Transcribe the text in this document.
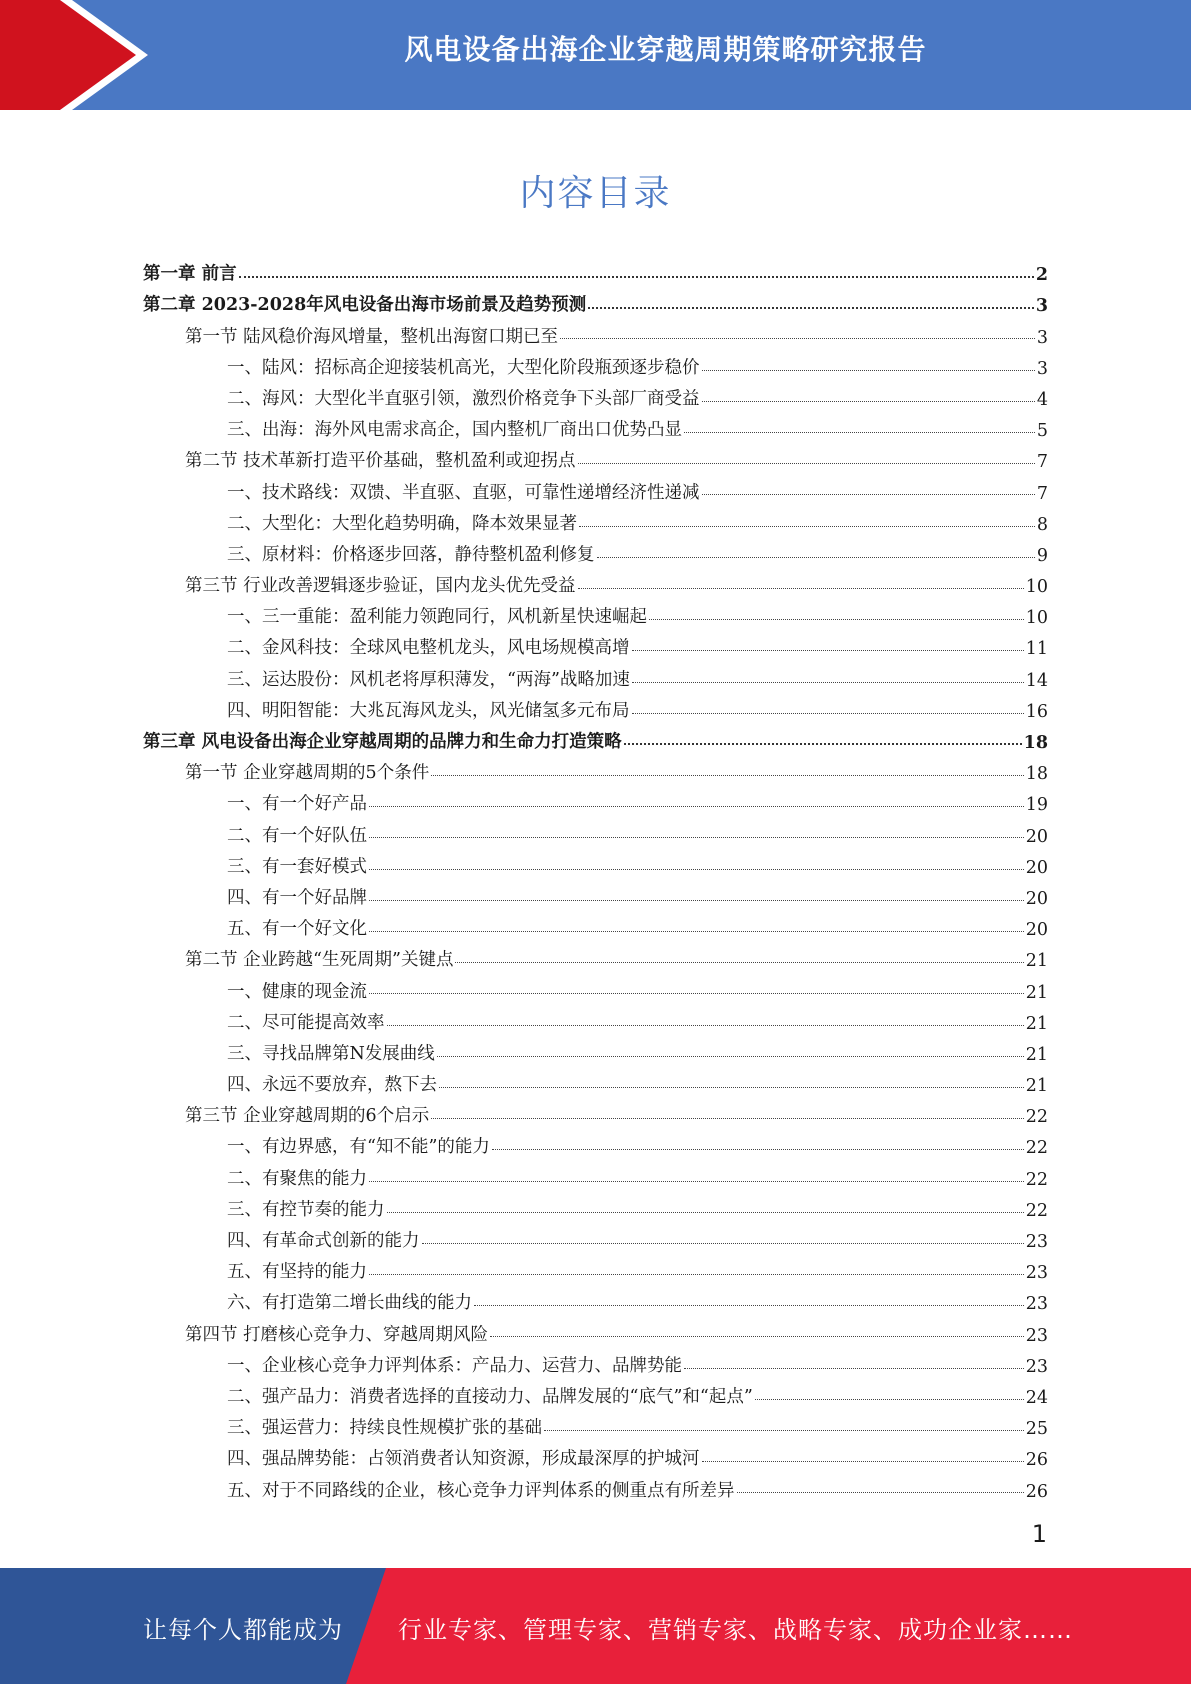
风电设备出海企业穿越周期策略研究报告
内容目录
第一章 前言	2
第二章 2023-2028年风电设备出海市场前景及趋势预测	3
第一节 陆风稳价海风增量，整机出海窗口期已至	3
一、陆风：招标高企迎接装机高光，大型化阶段瓶颈逐步稳价	3
二、海风：大型化半直驱引领，激烈价格竞争下头部厂商受益	4
三、出海：海外风电需求高企，国内整机厂商出口优势凸显	5
第二节 技术革新打造平价基础，整机盈利或迎拐点	7
一、技术路线：双馈、半直驱、直驱，可靠性递增经济性递减	7
二、大型化：大型化趋势明确，降本效果显著	8
三、原材料：价格逐步回落，静待整机盈利修复	9
第三节 行业改善逻辑逐步验证，国内龙头优先受益	10
一、三一重能：盈利能力领跑同行，风机新星快速崛起	10
二、金风科技：全球风电整机龙头，风电场规模高增	11
三、运达股份：风机老将厚积薄发，“两海”战略加速	14
四、明阳智能：大兆瓦海风龙头，风光储氢多元布局	16
第三章 风电设备出海企业穿越周期的品牌力和生命力打造策略	18
第一节 企业穿越周期的5个条件	18
一、有一个好产品	19
二、有一个好队伍	20
三、有一套好模式	20
四、有一个好品牌	20
五、有一个好文化	20
第二节 企业跨越“生死周期”关键点	21
一、健康的现金流	21
二、尽可能提高效率	21
三、寻找品牌第N发展曲线	21
四、永远不要放弃，熬下去	21
第三节 企业穿越周期的6个启示	22
一、有边界感，有“知不能”的能力	22
二、有聚焦的能力	22
三、有控节奏的能力	22
四、有革命式创新的能力	23
五、有坚持的能力	23
六、有打造第二增长曲线的能力	23
第四节 打磨核心竞争力、穿越周期风险	23
一、企业核心竞争力评判体系：产品力、运营力、品牌势能	23
二、强产品力：消费者选择的直接动力、品牌发展的“底气”和“起点”	24
三、强运营力：持续良性规模扩张的基础	25
四、强品牌势能：占领消费者认知资源，形成最深厚的护城河	26
五、对于不同路线的企业，核心竞争力评判体系的侧重点有所差异	26
1
让每个人都能成为 行业专家、管理专家、营销专家、战略专家、成功企业家……
